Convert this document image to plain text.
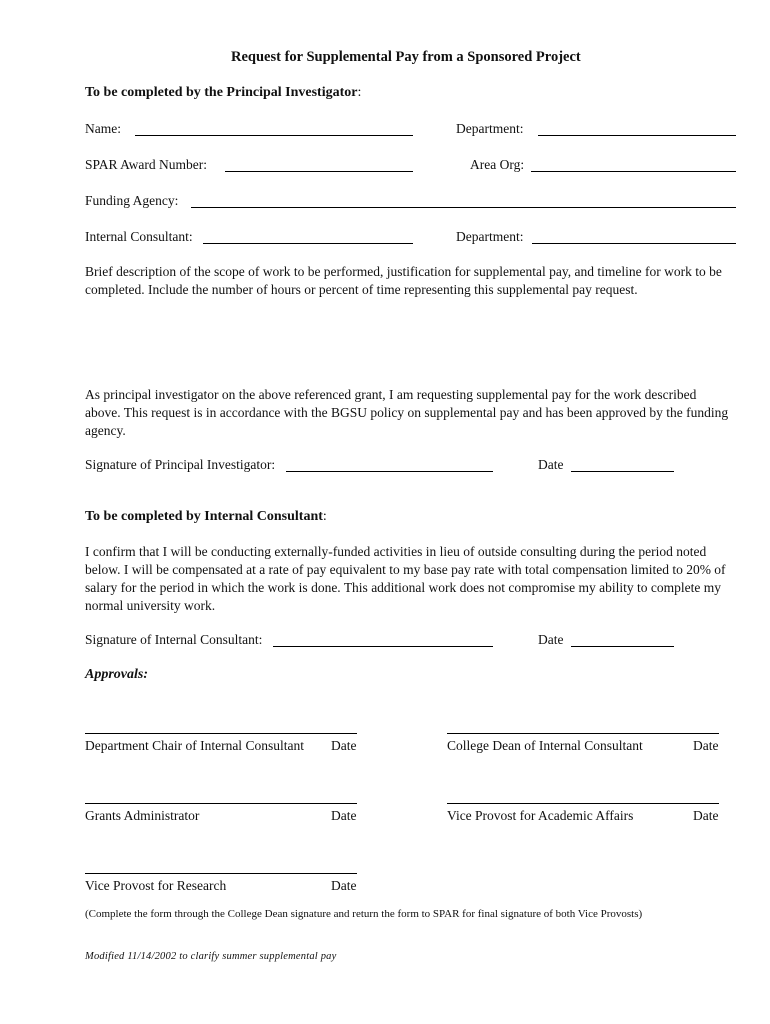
Request for Supplemental Pay from a Sponsored Project
To be completed by the Principal Investigator:
Name:	Department:
SPAR Award Number:	Area Org:
Funding Agency:
Internal Consultant:	Department:
Brief description of the scope of work to be performed, justification for supplemental pay, and timeline for work to be completed. Include the number of hours or percent of time representing this supplemental pay request.
As principal investigator on the above referenced grant, I am requesting supplemental pay for the work described above. This request is in accordance with the BGSU policy on supplemental pay and has been approved by the funding agency.
Signature of Principal Investigator:	Date
To be completed by Internal Consultant:
I confirm that I will be conducting externally-funded activities in lieu of outside consulting during the period noted below. I will be compensated at a rate of pay equivalent to my base pay rate with total compensation limited to 20% of salary for the period in which the work is done. This additional work does not compromise my ability to complete my normal university work.
Signature of Internal Consultant:	Date
Approvals:
Department Chair of Internal Consultant Date	College Dean of Internal Consultant	Date
Grants Administrator	Date	Vice Provost for Academic Affairs	Date
Vice Provost for Research	Date
(Complete the form through the College Dean signature and return the form to SPAR for final signature of both Vice Provosts)
Modified 11/14/2002 to clarify summer supplemental pay
